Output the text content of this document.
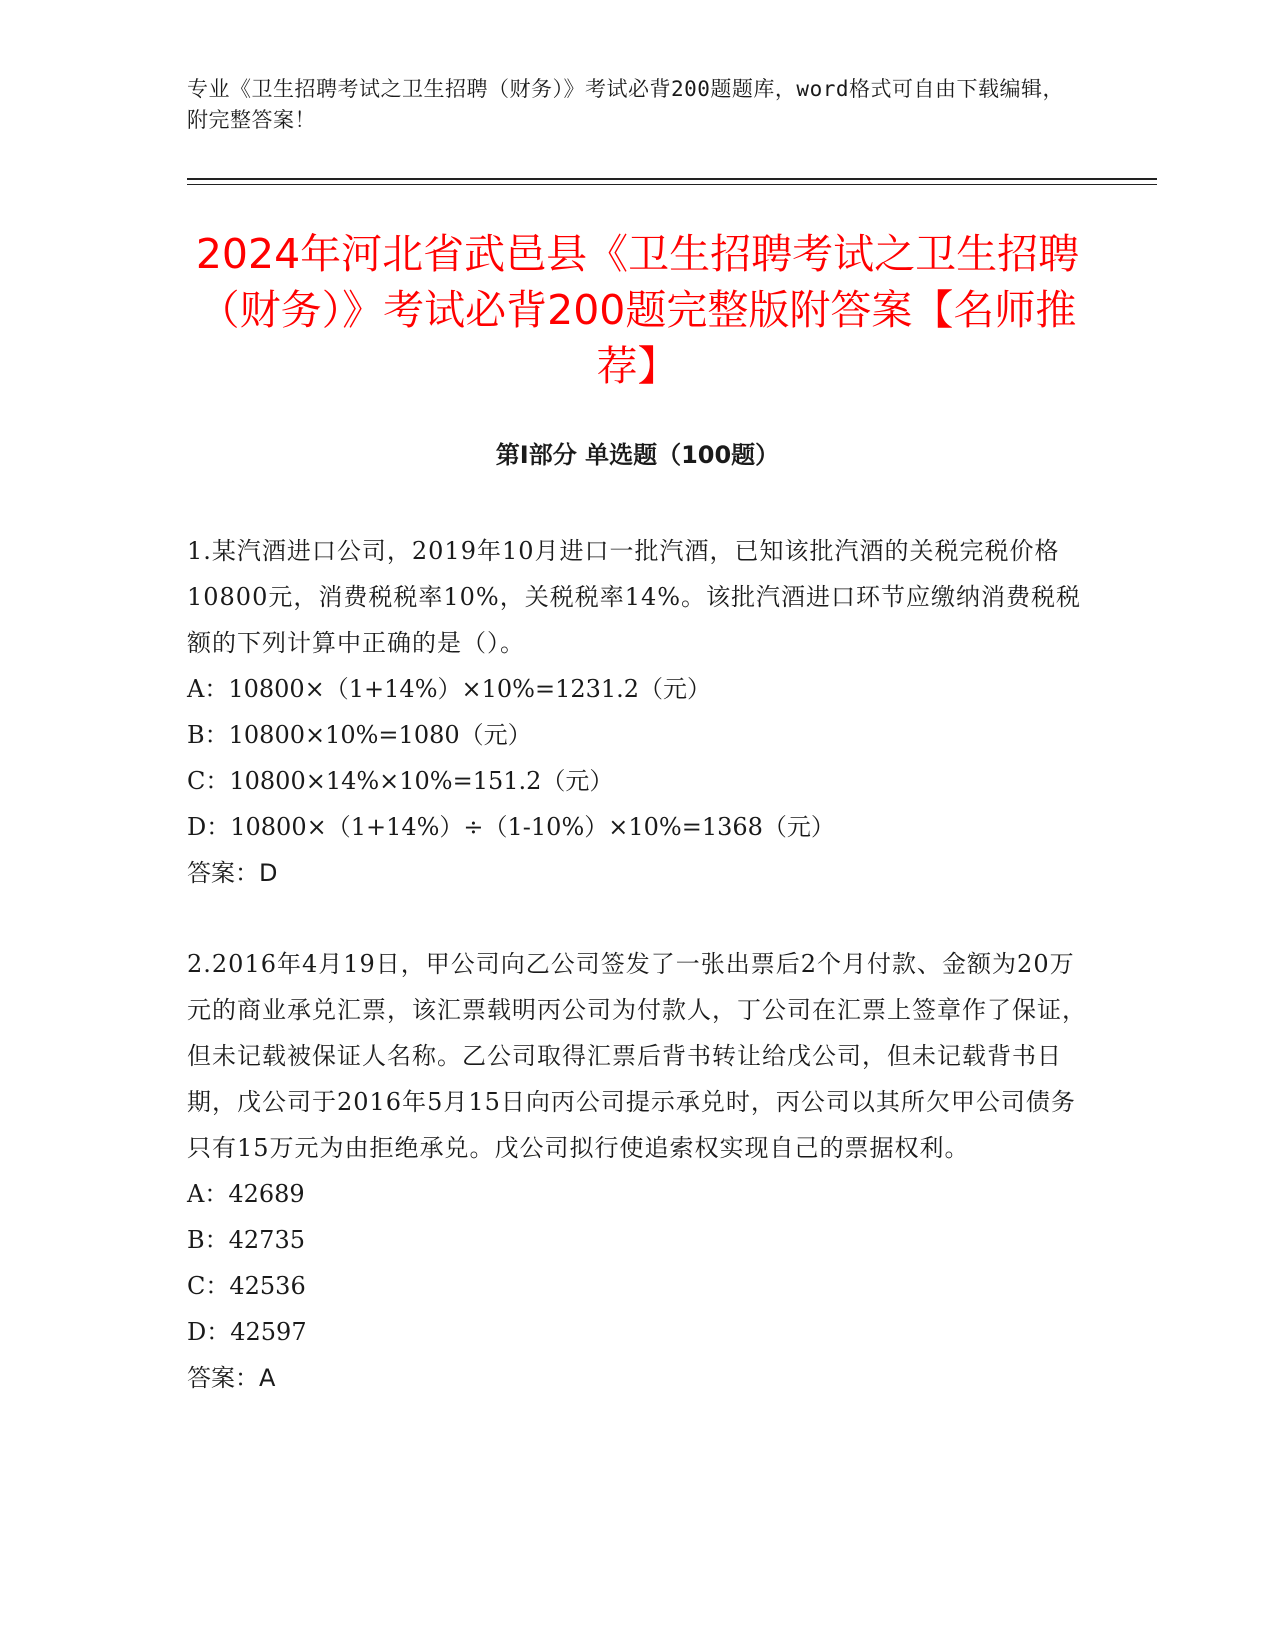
专业《卫生招聘考试之卫生招聘（财务）》考试必背200题题库，word格式可自由下载编辑，附完整答案！
2024年河北省武邑县《卫生招聘考试之卫生招聘（财务）》考试必背200题完整版附答案【名师推荐】
第Ⅰ部分 单选题（100题）

1.某汽酒进口公司，2019年10月进口一批汽酒，已知该批汽酒的关税完税价格10800元，消费税税率10%，关税税率14%。该批汽酒进口环节应缴纳消费税税额的下列计算中正确的是（）。

A：10800×（1+14%）×10%=1231.2（元）

B：10800×10%=1080（元）

C：10800×14%×10%=151.2（元）

D：10800×（1+14%）÷（1-10%）×10%=1368（元）

答案：D

2.2016年4月19日，甲公司向乙公司签发了一张出票后2个月付款、金额为20万元的商业承兑汇票，该汇票载明丙公司为付款人，丁公司在汇票上签章作了保证，但未记载被保证人名称。乙公司取得汇票后背书转让给戊公司，但未记载背书日期，戊公司于2016年5月15日向丙公司提示承兑时，丙公司以其所欠甲公司债务只有15万元为由拒绝承兑。戊公司拟行使追索权实现自己的票据权利。

A：42689

B：42735

C：42536

D：42597

答案：A
